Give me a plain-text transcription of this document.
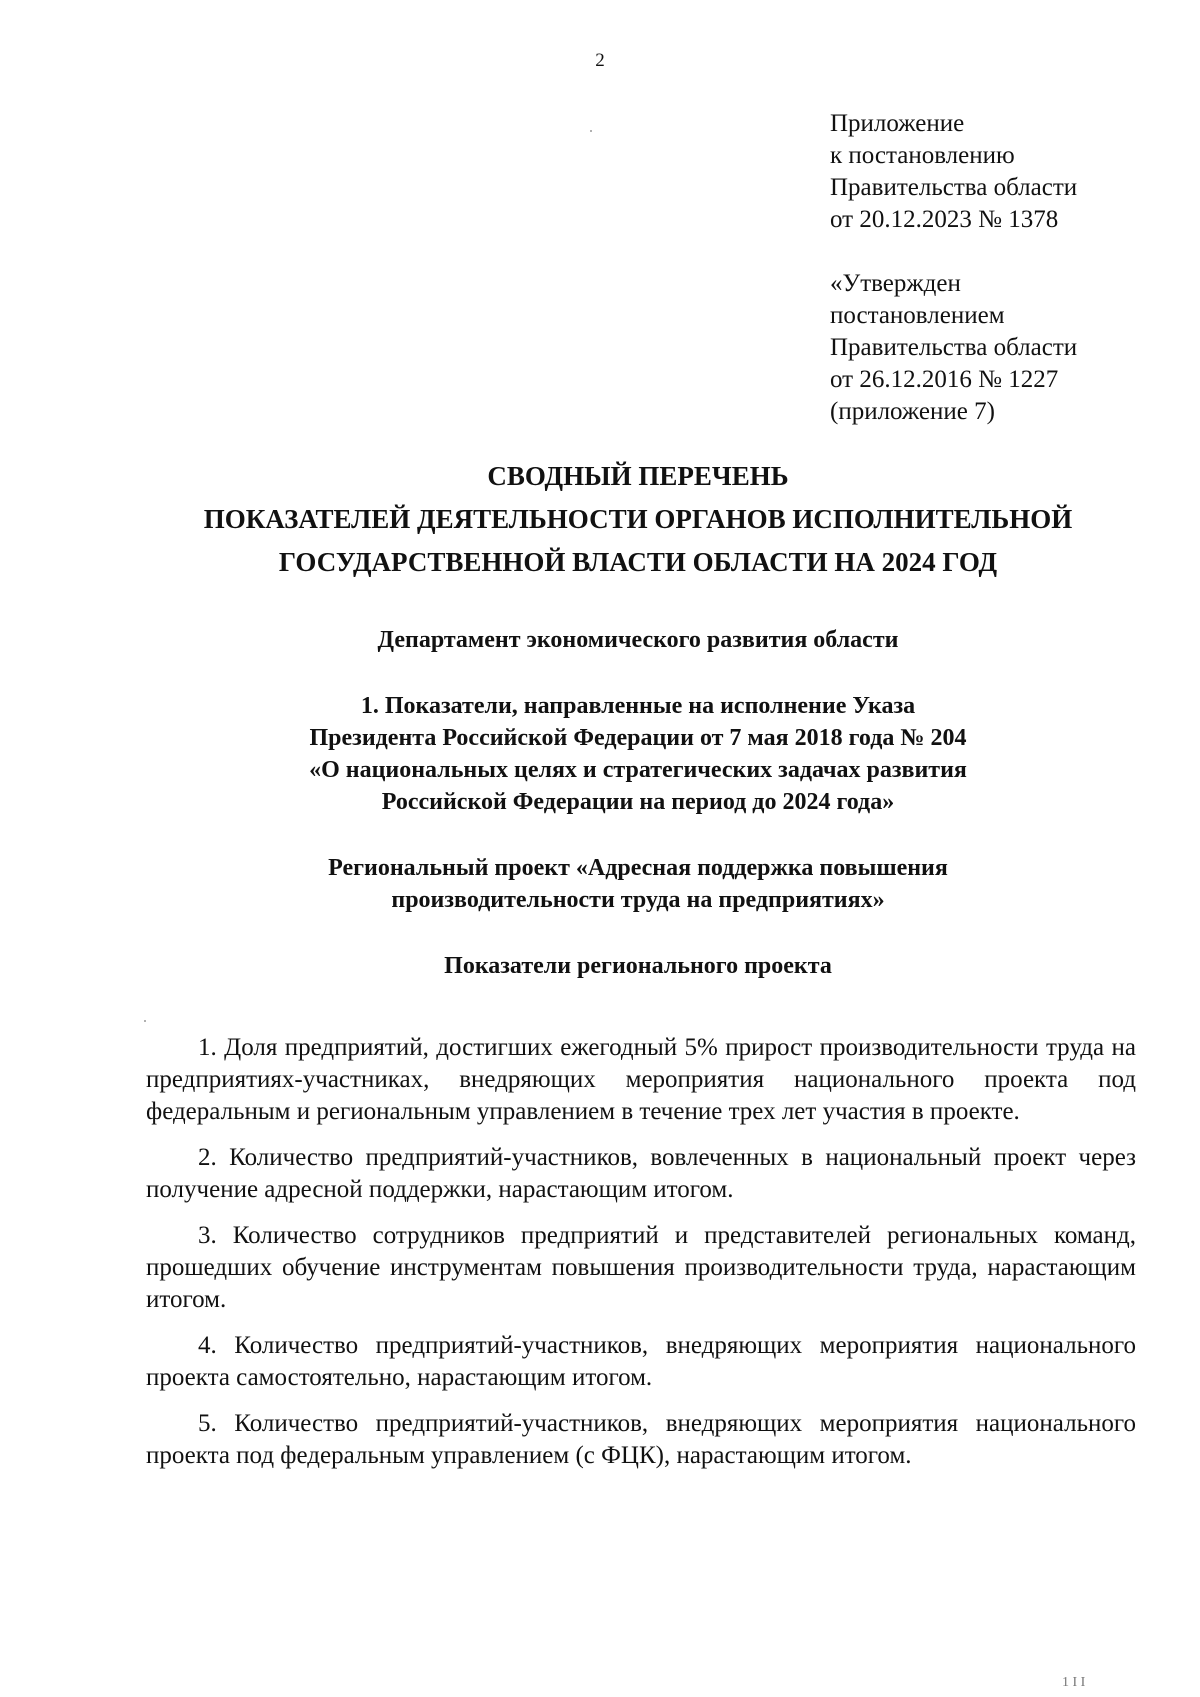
2
Приложение
к постановлению
Правительства области
от 20.12.2023 № 1378
«Утвержден
постановлением
Правительства области
от 26.12.2016 № 1227
(приложение 7)
СВОДНЫЙ ПЕРЕЧЕНЬ
ПОКАЗАТЕЛЕЙ ДЕЯТЕЛЬНОСТИ ОРГАНОВ ИСПОЛНИТЕЛЬНОЙ
ГОСУДАРСТВЕННОЙ ВЛАСТИ ОБЛАСТИ НА 2024 ГОД
Департамент экономического развития области
1. Показатели, направленные на исполнение Указа
Президента Российской Федерации от 7 мая 2018 года № 204
«О национальных целях и стратегических задачах развития
Российской Федерации на период до 2024 года»
Региональный проект «Адресная поддержка повышения
производительности труда на предприятиях»
Показатели регионального проекта

1. Доля предприятий, достигших ежегодный 5% прирост производительности труда на предприятиях-участниках, внедряющих мероприятия национального проекта под федеральным и региональным управлением в течение трех лет участия в проекте.

2. Количество предприятий-участников, вовлеченных в национальный проект через получение адресной поддержки, нарастающим итогом.

3. Количество сотрудников предприятий и представителей региональных команд, прошедших обучение инструментам повышения производительности труда, нарастающим итогом.

4. Количество предприятий-участников, внедряющих мероприятия национального проекта самостоятельно, нарастающим итогом.

5. Количество предприятий-участников, внедряющих мероприятия национального проекта под федеральным управлением (с ФЦК), нарастающим итогом.

1 I I
